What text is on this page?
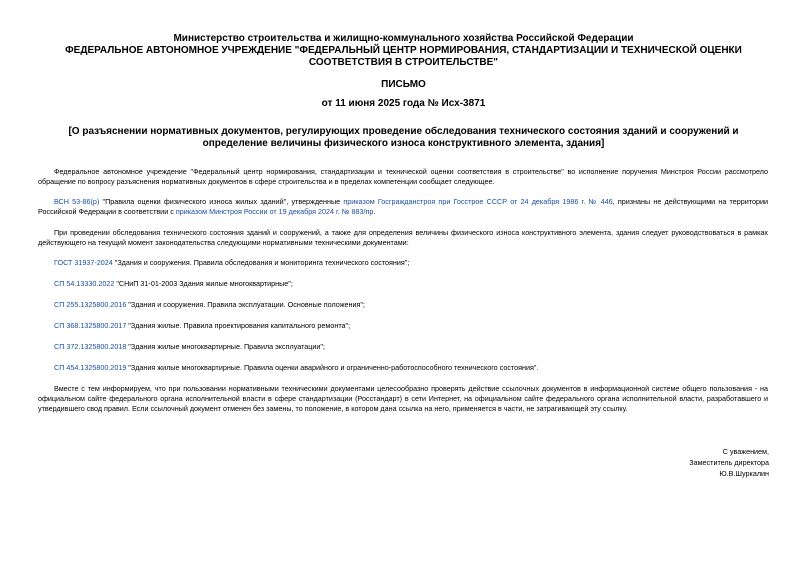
Министерство строительства и жилищно-коммунального хозяйства Российской Федерации

ФЕДЕРАЛЬНОЕ АВТОНОМНОЕ УЧРЕЖДЕНИЕ "ФЕДЕРАЛЬНЫЙ ЦЕНТР НОРМИРОВАНИЯ, СТАНДАРТИЗАЦИИ И ТЕХНИЧЕСКОЙ ОЦЕНКИ СООТВЕТСТВИЯ В СТРОИТЕЛЬСТВЕ"

ПИСЬМО

от 11 июня 2025 года № Исх-3871

[О разъяснении нормативных документов, регулирующих проведение обследования технического состояния зданий и сооружений и определение величины физического износа конструктивного элемента, здания]

Федеральное автономное учреждение "Федеральный центр нормирования, стандартизации и технической оценки соответствия в строительстве" во исполнение поручения Минстроя России рассмотрело обращение по вопросу разъяснения нормативных документов в сфере строительства и в пределах компетенции сообщает следующее.

ВСН 53-86(р) "Правила оценки физического износа жилых зданий", утвержденные приказом Госгражданстроя при Госстрое СССР от 24 декабря 1986 г. № 446, признаны не действующими на территории Российской Федерации в соответствии с приказом Минстроя России от 19 декабря 2024 г. № 883/пр.

При проведении обследования технического состояния зданий и сооружений, а также для определения величины физического износа конструктивного элемента, здания следует руководствоваться в рамках действующего на текущий момент законодательства следующими нормативными техническими документами:

ГОСТ 31937-2024 "Здания и сооружения. Правила обследования и мониторинга технического состояния";

СП 54.13330.2022 "СНиП 31-01-2003 Здания жилые многоквартирные";

СП 255.1325800.2016 "Здания и сооружения. Правила эксплуатации. Основные положения";

СП 368.1325800.2017 "Здания жилые. Правила проектирования капитального ремонта";

СП 372.1325800.2018 "Здания жилые многоквартирные. Правила эксплуатации";

СП 454.1325800.2019 "Здания жилые многоквартирные. Правила оценки аварийного и ограниченно-работоспособного технического состояния".

Вместе с тем информируем, что при пользовании нормативными техническими документами целесообразно проверять действие ссылочных документов в информационной системе общего пользования - на официальном сайте федерального органа исполнительной власти в сфере стандартизации (Росстандарт) в сети Интернет, на официальном сайте федерального органа исполнительной власти, разработавшего и утвердившего свод правил. Если ссылочный документ отменен без замены, то положение, в котором дана ссылка на него, применяется в части, не затрагивающей эту ссылку.

С уважением,

Заместитель директора

Ю.В.Шуркалин
